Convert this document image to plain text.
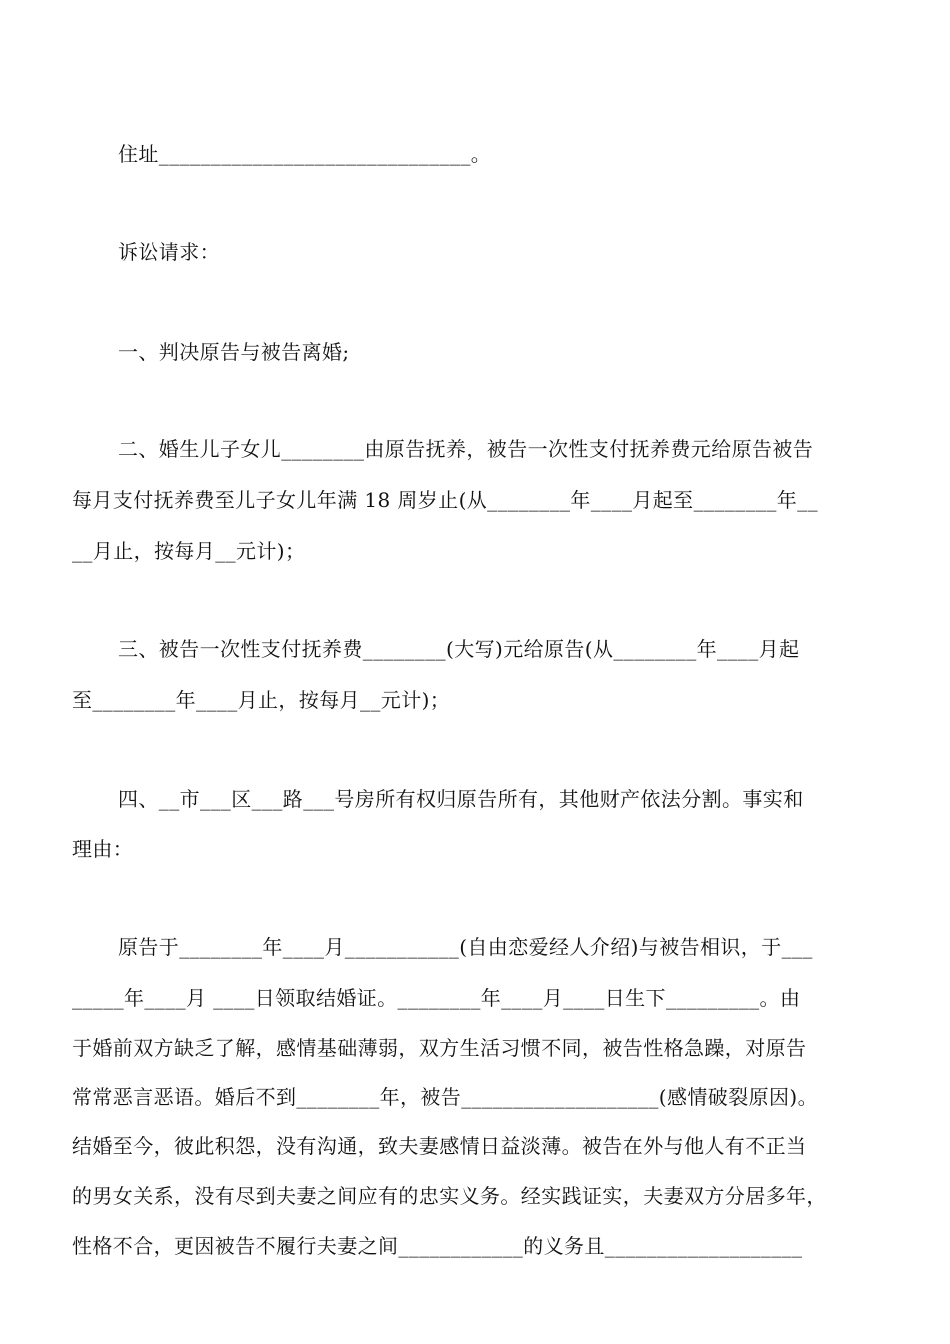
住址______________________________。
诉讼请求：
一、判决原告与被告离婚;
二、婚生儿子女儿________由原告抚养，被告一次性支付抚养费元给原告被告
每月支付抚养费至儿子女儿年满 18 周岁止(从________年____月起至________年__
__月止，按每月__元计)；
三、被告一次性支付抚养费________(大写)元给原告(从________年____月起
至________年____月止，按每月__元计)；
四、__市___区___路___号房所有权归原告所有，其他财产依法分割。事实和
理由：
原告于________年____月___________(自由恋爱经人介绍)与被告相识，于___
_____年____月 ____日领取结婚证。________年____月____日生下_________。由
于婚前双方缺乏了解，感情基础薄弱，双方生活习惯不同，被告性格急躁，对原告
常常恶言恶语。婚后不到________年，被告___________________(感情破裂原因)。
结婚至今，彼此积怨，没有沟通，致夫妻感情日益淡薄。被告在外与他人有不正当
的男女关系，没有尽到夫妻之间应有的忠实义务。经实践证实，夫妻双方分居多年，
性格不合，更因被告不履行夫妻之间____________的义务且___________________
